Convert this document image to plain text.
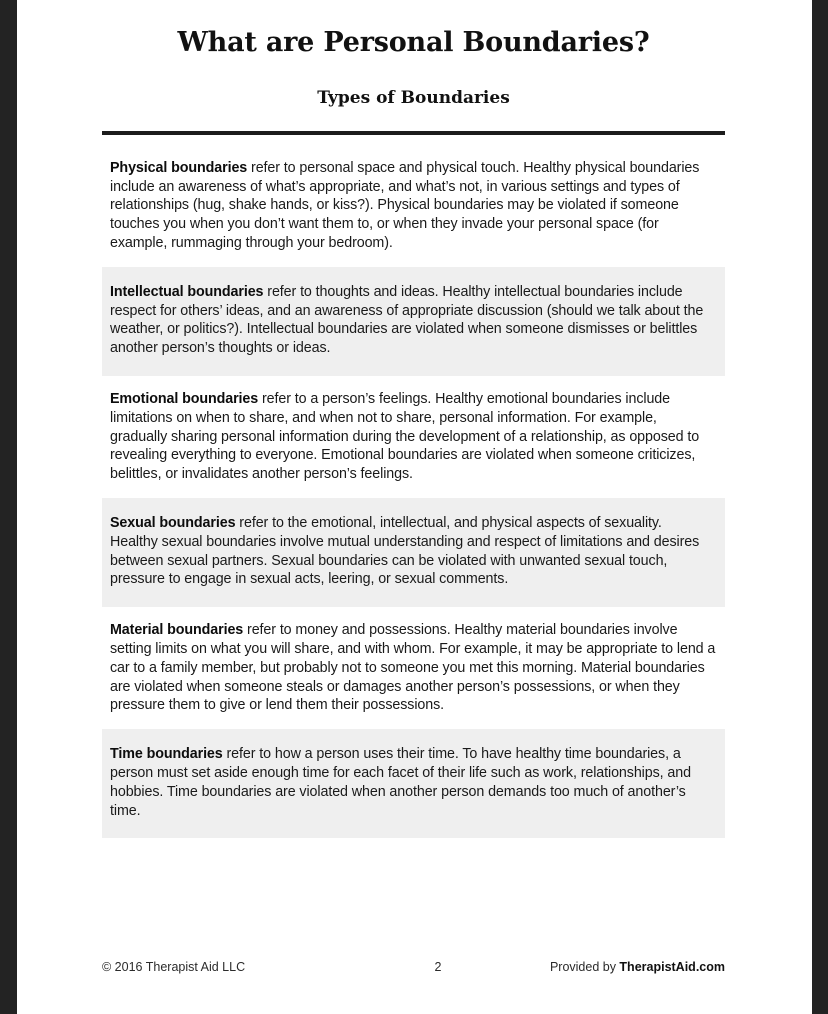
What are Personal Boundaries?
Types of Boundaries

Physical boundaries refer to personal space and physical touch. Healthy physical boundaries include an awareness of what’s appropriate, and what’s not, in various settings and types of relationships (hug, shake hands, or kiss?). Physical boundaries may be violated if someone touches you when you don’t want them to, or when they invade your personal space (for example, rummaging through your bedroom).

Intellectual boundaries refer to thoughts and ideas. Healthy intellectual boundaries include respect for others’ ideas, and an awareness of appropriate discussion (should we talk about the weather, or politics?). Intellectual boundaries are violated when someone dismisses or belittles another person’s thoughts or ideas.

Emotional boundaries refer to a person’s feelings. Healthy emotional boundaries include limitations on when to share, and when not to share, personal information. For example, gradually sharing personal information during the development of a relationship, as opposed to revealing everything to everyone. Emotional boundaries are violated when someone criticizes, belittles, or invalidates another person’s feelings.

Sexual boundaries refer to the emotional, intellectual, and physical aspects of sexuality. Healthy sexual boundaries involve mutual understanding and respect of limitations and desires between sexual partners. Sexual boundaries can be violated with unwanted sexual touch, pressure to engage in sexual acts, leering, or sexual comments.

Material boundaries refer to money and possessions. Healthy material boundaries involve setting limits on what you will share, and with whom. For example, it may be appropriate to lend a car to a family member, but probably not to someone you met this morning. Material boundaries are violated when someone steals or damages another person’s possessions, or when they pressure them to give or lend them their possessions.

Time boundaries refer to how a person uses their time. To have healthy time boundaries, a person must set aside enough time for each facet of their life such as work, relationships, and hobbies. Time boundaries are violated when another person demands too much of another’s time.

© 2016 Therapist Aid LLC	2	Provided by TherapistAid.com
